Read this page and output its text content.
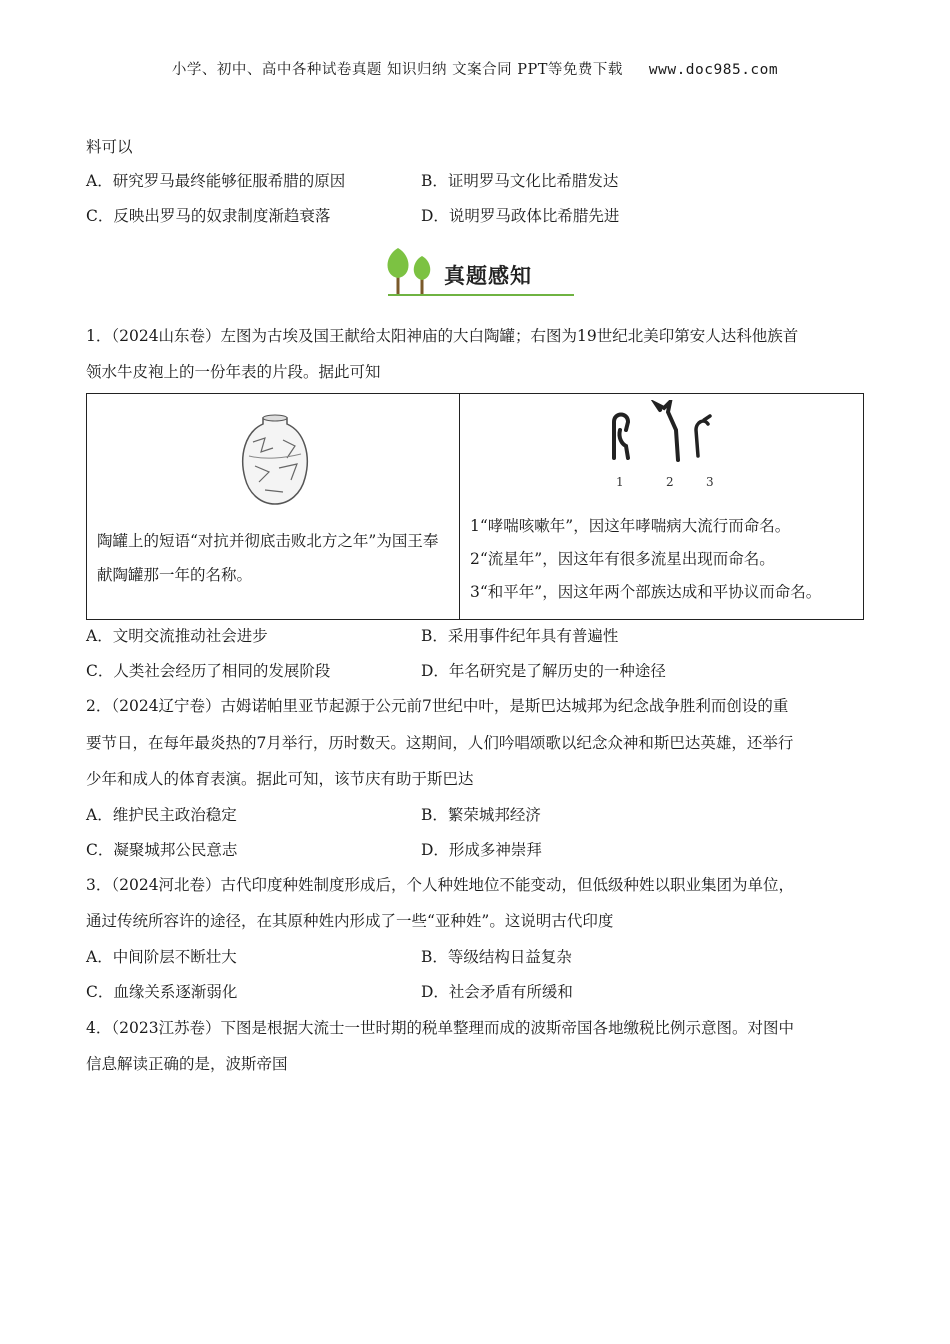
小学、初中、高中各种试卷真题 知识归纳 文案合同 PPT等免费下载 www.doc985.com
料可以
A．研究罗马最终能够征服希腊的原因	B．证明罗马文化比希腊发达
C．反映出罗马的奴隶制度渐趋衰落	D．说明罗马政体比希腊先进
真题感知
1．（2024山东卷）左图为古埃及国王献给太阳神庙的大白陶罐；右图为19世纪北美印第安人达科他族首
领水牛皮袍上的一份年表的片段。据此可知
陶罐上的短语“对抗并彻底击败北方之年”为国王奉献陶罐那一年的名称。

1	2	3
1“哮喘咳嗽年”，因这年哮喘病大流行而命名。
2“流星年”，因这年有很多流星出现而命名。
3“和平年”，因这年两个部族达成和平协议而命名。
A．文明交流推动社会进步	B．采用事件纪年具有普遍性
C．人类社会经历了相同的发展阶段	D．年名研究是了解历史的一种途径
2．（2024辽宁卷）古姆诺帕里亚节起源于公元前7世纪中叶，是斯巴达城邦为纪念战争胜利而创设的重
要节日，在每年最炎热的7月举行，历时数天。这期间，人们吟唱颂歌以纪念众神和斯巴达英雄，还举行
少年和成人的体育表演。据此可知，该节庆有助于斯巴达
A．维护民主政治稳定	B．繁荣城邦经济
C．凝聚城邦公民意志	D．形成多神崇拜
3．（2024河北卷）古代印度种姓制度形成后，个人种姓地位不能变动，但低级种姓以职业集团为单位，
通过传统所容许的途径，在其原种姓内形成了一些“亚种姓”。这说明古代印度
A．中间阶层不断壮大	B．等级结构日益复杂
C．血缘关系逐渐弱化	D．社会矛盾有所缓和
4．（2023江苏卷）下图是根据大流士一世时期的税单整理而成的波斯帝国各地缴税比例示意图。对图中
信息解读正确的是，波斯帝国
